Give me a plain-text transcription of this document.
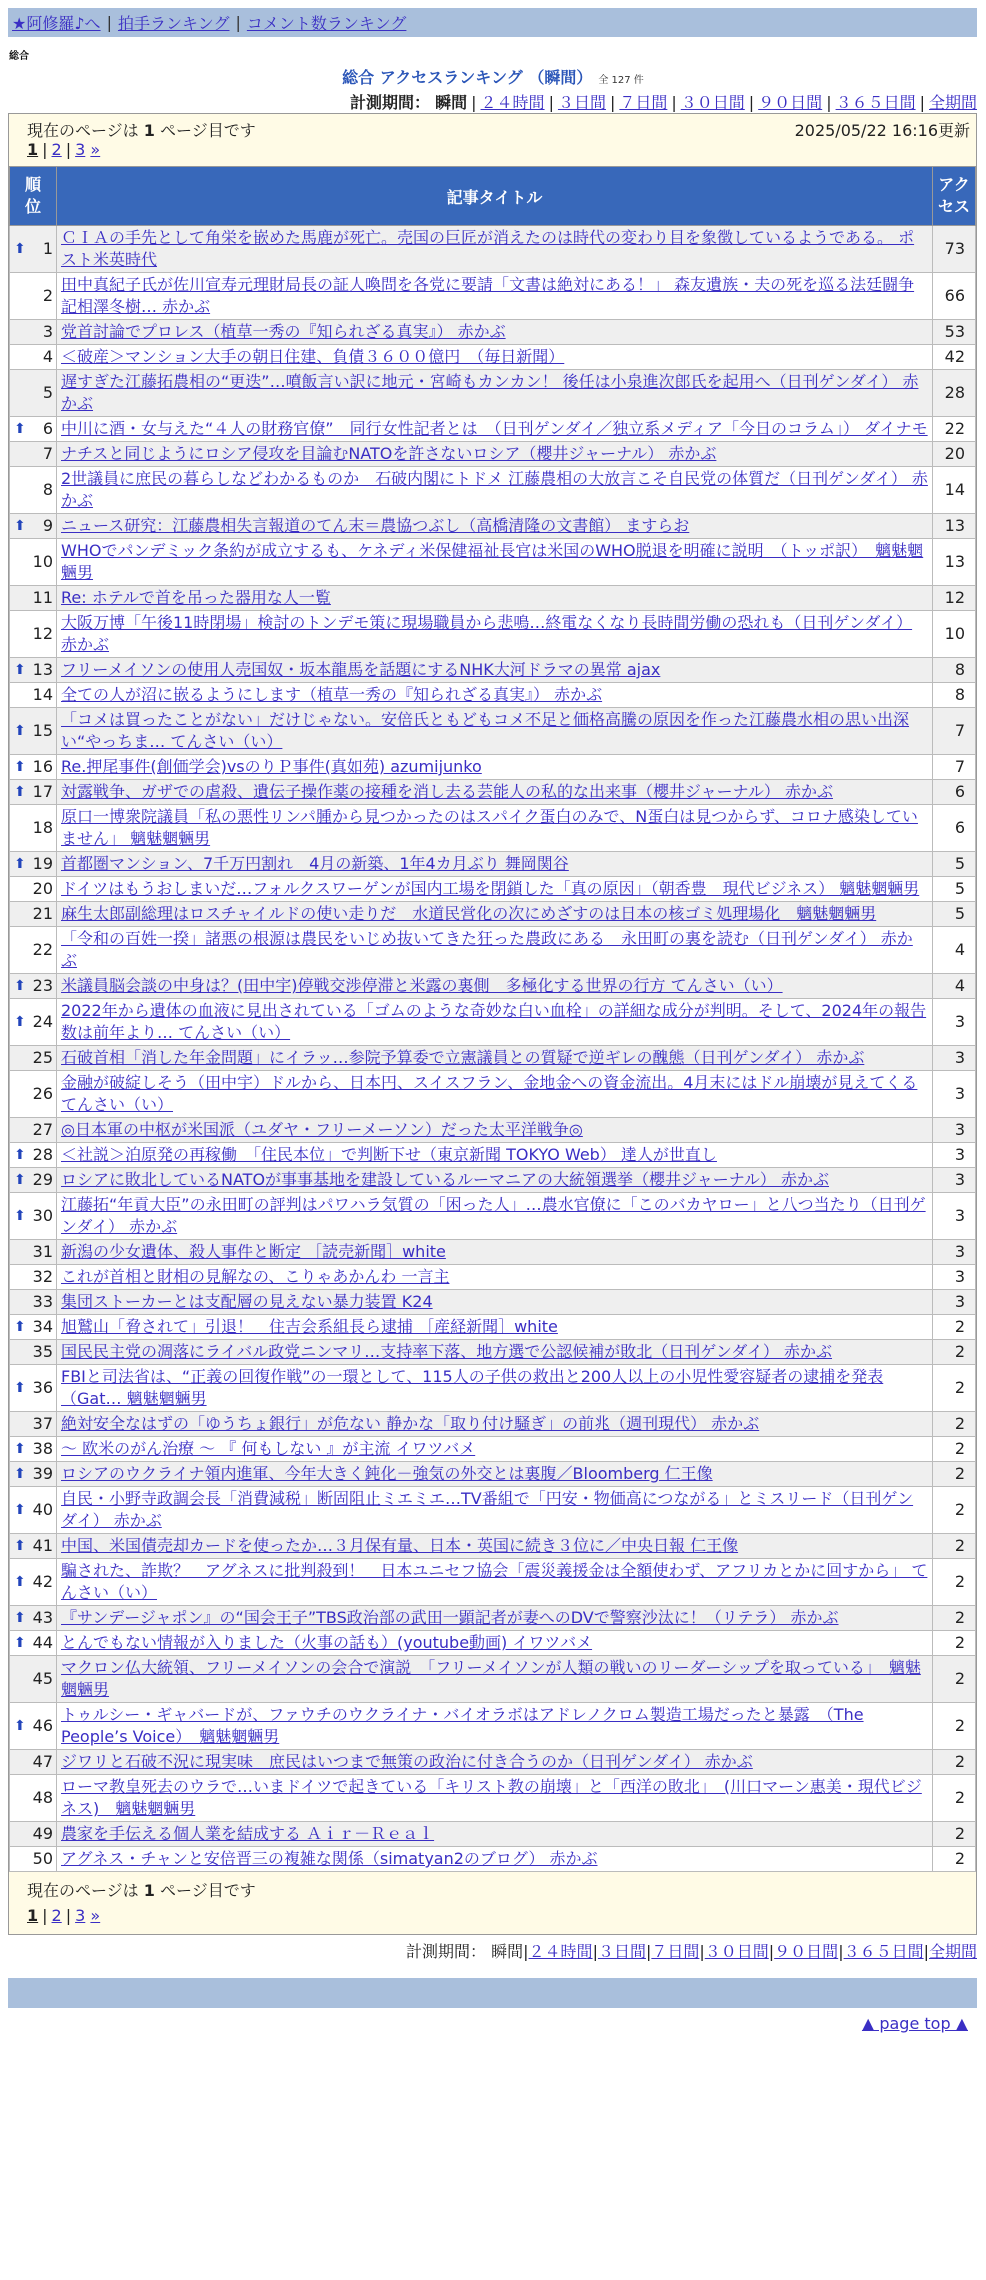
★阿修羅♪へ | 拍手ランキング | コメント数ランキング
総合
総合 アクセスランキング （瞬間） 全 127 件
計測期間： 瞬間 | ２４時間 | ３日間 | ７日間 | ３０日間 | ９０日間 | ３６５日間 | 全期間
現在のページは 1 ページ目です	2025/05/22 16:16更新
1 | 2 | 3 »
順
位	記事タイトル	アク
セス

⬆ 1	ＣＩＡの手先として角栄を嵌めた馬鹿が死亡。売国の巨匠が消えたのは時代の変わり目を象徴しているようである。 ポスト米英時代	73
2	田中真紀子氏が佐川宣寿元理財局長の証人喚問を各党に要請「文書は絶対にある！」 森友遺族・夫の死を巡る法廷闘争記相澤冬樹… 赤かぶ	66
3	党首討論でプロレス（植草一秀の『知られざる真実』） 赤かぶ	53
4	＜破産＞マンション大手の朝日住建、負債３６００億円　（毎日新聞）	42
5	遅すぎた江藤拓農相の“更迭”…噴飯言い訳に地元・宮崎もカンカン！ 後任は小泉進次郎氏を起用へ（日刊ゲンダイ） 赤かぶ	28

⬆ 6	中川に酒・女与えた“４人の財務官僚”　同行女性記者とは　（日刊ゲンダイ／独立系メディア「今日のコラム」） ダイナモ	22
7	ナチスと同じようにロシア侵攻を目論むNATOを許さないロシア（櫻井ジャーナル） 赤かぶ	20
8	2世議員に庶民の暮らしなどわかるものか　石破内閣にトドメ 江藤農相の大放言こそ自民党の体質だ（日刊ゲンダイ） 赤かぶ	14

⬆ 9	ニュース研究：江藤農相失言報道のてん末＝農協つぶし（高橋清隆の文書館） ますらお	13
10	WHOでパンデミック条約が成立するも、ケネディ米保健福祉長官は米国のWHO脱退を明確に説明　（トッポ訳）　魑魅魍魎男	13
11	Re: ホテルで首を吊った器用な人一覧	12
12	大阪万博「午後11時閉場」検討のトンデモ策に現場職員から悲鳴…終電なくなり長時間労働の恐れも（日刊ゲンダイ） 赤かぶ	10

⬆ 13	フリーメイソンの使用人売国奴・坂本龍馬を話題にするNHK大河ドラマの異常 ajax	8
14	全ての人が沼に嵌るようにします（植草一秀の『知られざる真実』） 赤かぶ	8

⬆ 15	「コメは買ったことがない」だけじゃない。安倍氏ともどもコメ不足と価格高騰の原因を作った江藤農水相の思い出深い“やっちま… てんさい（い）	7

⬆ 16	Re.押尾事件(創価学会)vsのりＰ事件(真如苑) azumijunko	7

⬆ 17	対露戦争、ガザでの虐殺、遺伝子操作薬の接種を消し去る芸能人の私的な出来事（櫻井ジャーナル） 赤かぶ	6
18	原口一博衆院議員「私の悪性リンパ腫から見つかったのはスパイク蛋白のみで、N蛋白は見つからず、コロナ感染していません」 魑魅魍魎男	6

⬆ 19	首都圏マンション、7千万円割れ　4月の新築、1年4カ月ぶり 舞岡関谷	5
20	ドイツはもうおしまいだ…フォルクスワーゲンが国内工場を閉鎖した「真の原因」（朝香豊　現代ビジネス） 魑魅魍魎男	5
21	麻生太郎副総理はロスチャイルドの使い走りだ　水道民営化の次にめざすのは日本の核ゴミ処理場化　魑魅魍魎男	5
22	「令和の百姓一揆」諸悪の根源は農民をいじめ抜いてきた狂った農政にある　永田町の裏を読む（日刊ゲンダイ） 赤かぶ	4

⬆ 23	米議員脳会談の中身は？(田中宇)停戦交渉停滞と米露の裏側　多極化する世界の行方 てんさい（い）	4

⬆ 24	2022年から遺体の血液に見出されている「ゴムのような奇妙な白い血栓」の詳細な成分が判明。そして、2024年の報告数は前年より… てんさい（い）	3
25	石破首相「消した年金問題」にイラッ…参院予算委で立憲議員との質疑で逆ギレの醜態（日刊ゲンダイ） 赤かぶ	3
26	金融が破綻しそう（田中宇）ドルから、日本円、スイスフラン、金地金への資金流出。4月末にはドル崩壊が見えてくる てんさい（い）	3
27	◎日本軍の中枢が米国派（ユダヤ・フリーメーソン）だった太平洋戦争◎	3

⬆ 28	＜社説＞泊原発の再稼働　「住民本位」で判断下せ（東京新聞 TOKYO Web） 達人が世直し	3

⬆ 29	ロシアに敗北しているNATOが事事基地を建設しているルーマニアの大統領選挙（櫻井ジャーナル） 赤かぶ	3

⬆ 30	江藤拓“年貢大臣”の永田町の評判はパワハラ気質の「困った人」…農水官僚に「このバカヤロー」と八つ当たり（日刊ゲンダイ） 赤かぶ	3
31	新潟の少女遺体、殺人事件と断定 ［読売新聞］white	3
32	これが首相と財相の見解なの、こりゃあかんわ 一言主	3
33	集団ストーカーとは支配層の見えない暴力装置 K24	3

⬆ 34	旭鷲山「脅されて」引退！　住吉会系組長ら逮捕 ［産経新聞］white	2
35	国民民主党の凋落にライバル政党ニンマリ…支持率下落、地方選で公認候補が敗北（日刊ゲンダイ） 赤かぶ	2

⬆ 36	FBIと司法省は、“正義の回復作戦”の一環として、115人の子供の救出と200人以上の小児性愛容疑者の逮捕を発表（Gat… 魑魅魍魎男	2
37	絶対安全なはずの「ゆうちょ銀行」が危ない 静かな「取り付け騒ぎ」の前兆（週刊現代） 赤かぶ	2

⬆ 38	～ 欧米のがん治療 ～ 『 何もしない 』が主流 イワツバメ	2

⬆ 39	ロシアのウクライナ領内進軍、今年大きく鈍化－強気の外交とは裏腹／Bloomberg 仁王像	2

⬆ 40	自民・小野寺政調会長「消費減税」断固阻止ミエミエ…TV番組で「円安・物価高につながる」とミスリード（日刊ゲンダイ） 赤かぶ	2

⬆ 41	中国、米国債売却カードを使ったか…３月保有量、日本・英国に続き３位に／中央日報 仁王像	2

⬆ 42	騙された、詐欺？　アグネスに批判殺到！　日本ユニセフ協会「震災義援金は全額使わず、アフリカとかに回すから」 てんさい（い）	2

⬆ 43	『サンデージャポン』の“国会王子”TBS政治部の武田一顕記者が妻へのDVで警察沙汰に！（リテラ） 赤かぶ	2

⬆ 44	とんでもない情報が入りました（火事の話も）(youtube動画) イワツバメ	2
45	マクロン仏大統領、フリーメイソンの会合で演説　「フリーメイソンが人類の戦いのリーダーシップを取っている」　魑魅魍魎男	2

⬆ 46	トゥルシー・ギャバードが、ファウチのウクライナ・バイオラボはアドレノクロム製造工場だったと暴露　（The People’s Voice）　魑魅魍魎男	2
47	ジワリと石破不況に現実味　庶民はいつまで無策の政治に付き合うのか（日刊ゲンダイ） 赤かぶ	2
48	ローマ教皇死去のウラで…いまドイツで起きている「キリスト教の崩壊」と「西洋の敗北」　(川口マーン惠美・現代ビジネス)　魑魅魍魎男	2
49	農家を手伝える個人業を結成する Ａｉｒ－Ｒｅａｌ	2
50	アグネス・チャンと安倍晋三の複雑な関係（simatyan2のブログ） 赤かぶ	2
現在のページは 1 ページ目です
1 | 2 | 3 »
計測期間： 瞬間|２４時間|３日間|７日間|３０日間|９０日間|３６５日間|全期間
▲ page top ▲
